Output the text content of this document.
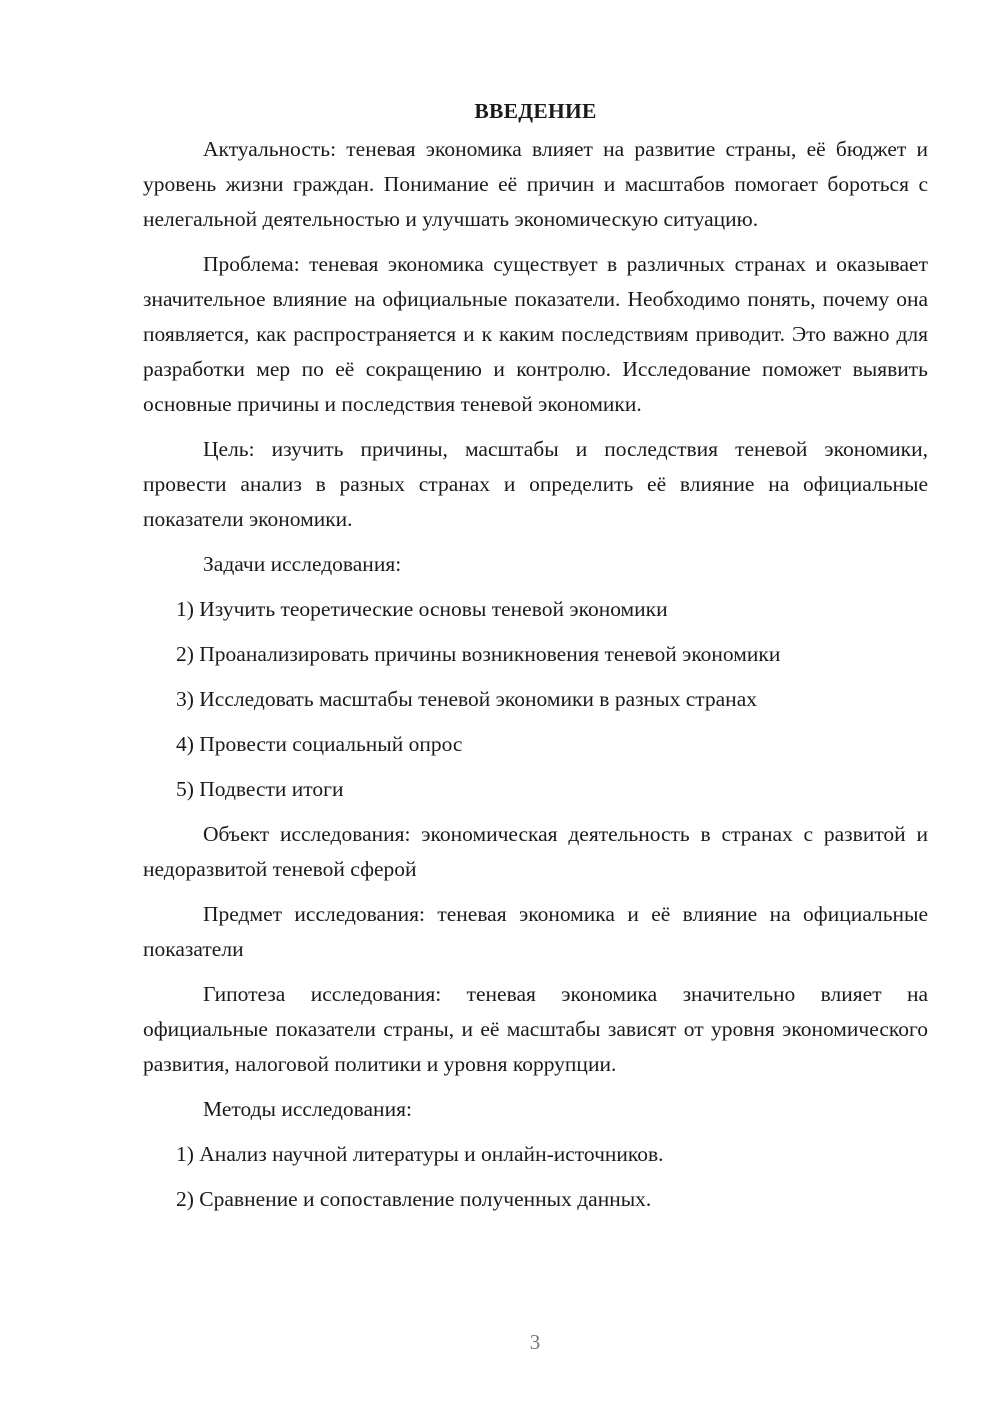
ВВЕДЕНИЕ

Актуальность: теневая экономика влияет на развитие страны, её бюджет и уровень жизни граждан. Понимание её причин и масштабов помогает бороться с нелегальной деятельностью и улучшать экономическую ситуацию.

Проблема: теневая экономика существует в различных странах и оказывает значительное влияние на официальные показатели. Необходимо понять, почему она появляется, как распространяется и к каким последствиям приводит. Это важно для разработки мер по её сокращению и контролю. Исследование поможет выявить основные причины и последствия теневой экономики.

Цель: изучить причины, масштабы и последствия теневой экономики, провести анализ в разных странах и определить её влияние на официальные показатели экономики.

Задачи исследования:

1) Изучить теоретические основы теневой экономики

2) Проанализировать причины возникновения теневой экономики

3) Исследовать масштабы теневой экономики в разных странах

4) Провести социальный опрос

5) Подвести итоги

Объект исследования: экономическая деятельность в странах с развитой и недоразвитой теневой сферой

Предмет исследования: теневая экономика и её влияние на официальные показатели

Гипотеза исследования: теневая экономика значительно влияет на официальные показатели страны, и её масштабы зависят от уровня экономического развития, налоговой политики и уровня коррупции.

Методы исследования:

1) Анализ научной литературы и онлайн-источников.

2) Сравнение и сопоставление полученных данных.

3
